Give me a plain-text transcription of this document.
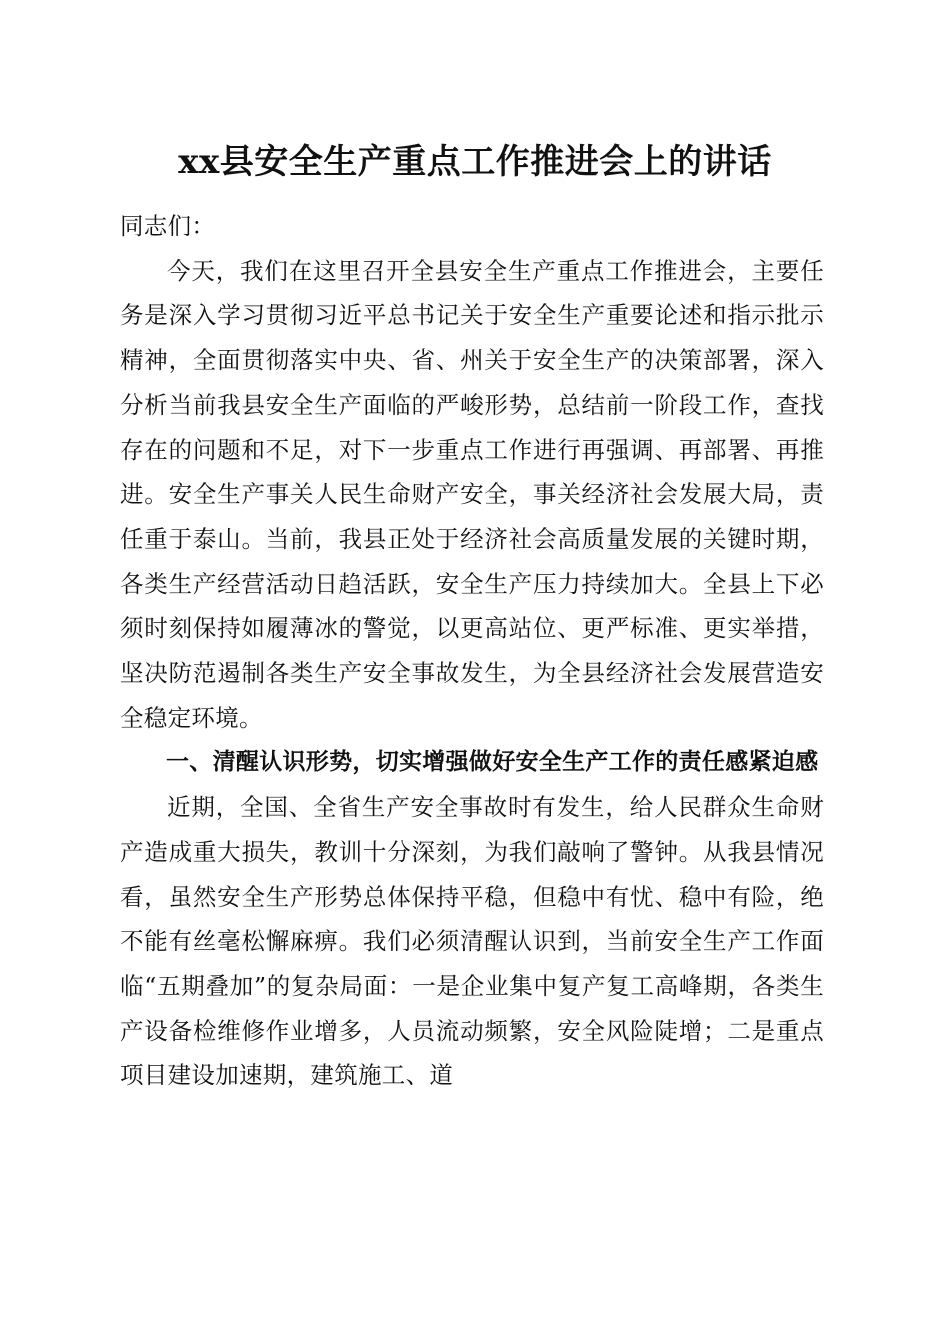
xx县安全生产重点工作推进会上的讲话

同志们：

今天，我们在这里召开全县安全生产重点工作推进会，主要任务是深入学习贯彻习近平总书记关于安全生产重要论述和指示批示精神，全面贯彻落实中央、省、州关于安全生产的决策部署，深入分析当前我县安全生产面临的严峻形势，总结前一阶段工作，查找存在的问题和不足，对下一步重点工作进行再强调、再部署、再推进。安全生产事关人民生命财产安全，事关经济社会发展大局，责任重于泰山。当前，我县正处于经济社会高质量发展的关键时期，各类生产经营活动日趋活跃，安全生产压力持续加大。全县上下必须时刻保持如履薄冰的警觉，以更高站位、更严标准、更实举措，坚决防范遏制各类生产安全事故发生，为全县经济社会发展营造安全稳定环境。

一、清醒认识形势，切实增强做好安全生产工作的责任感紧迫感

近期，全国、全省生产安全事故时有发生，给人民群众生命财产造成重大损失，教训十分深刻，为我们敲响了警钟。从我县情况看，虽然安全生产形势总体保持平稳，但稳中有忧、稳中有险，绝不能有丝毫松懈麻痹。我们必须清醒认识到，当前安全生产工作面临“五期叠加”的复杂局面：一是企业集中复产复工高峰期，各类生产设备检维修作业增多，人员流动频繁，安全风险陡增；二是重点项目建设加速期，建筑施工、道
